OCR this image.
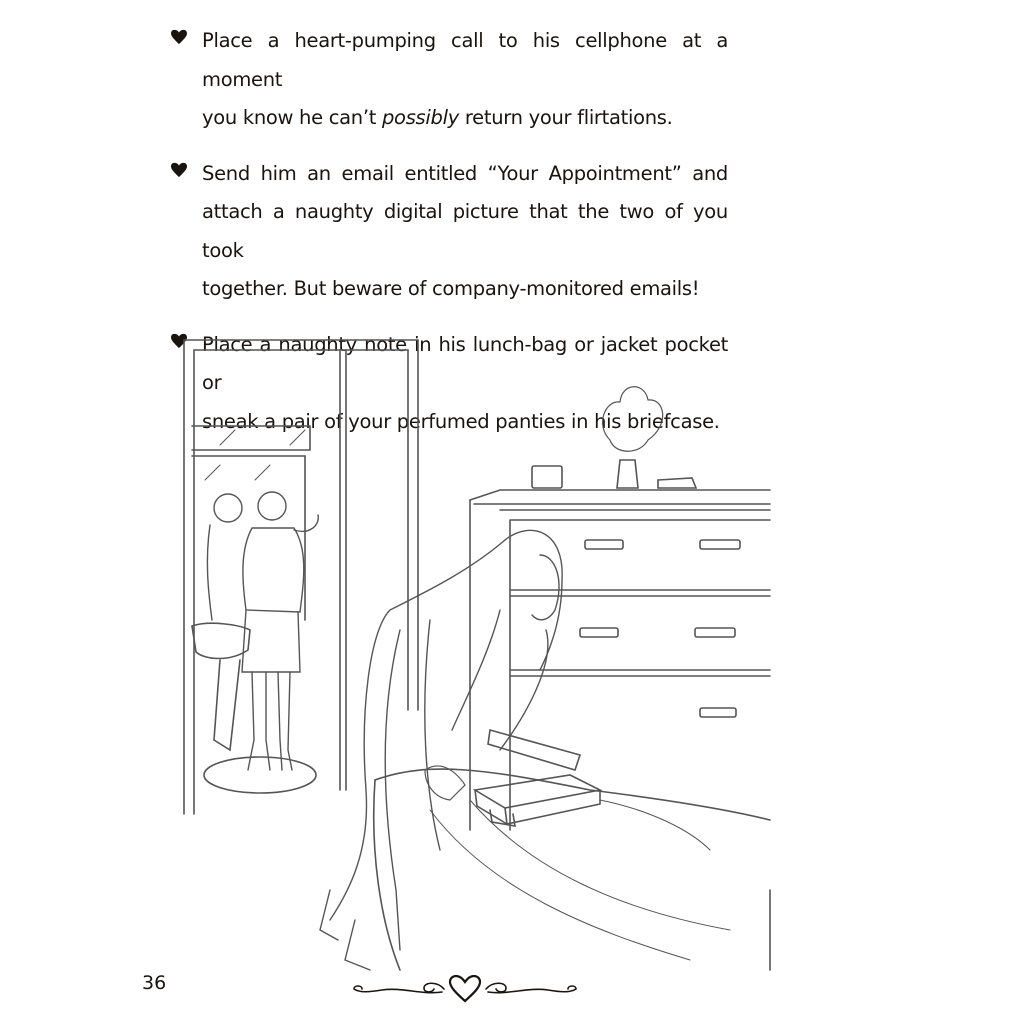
Place a heart-pumping call to his cellphone at a moment
you know he can’t possibly return your flirtations.
Send him an email entitled “Your Appointment” and
attach a naughty digital picture that the two of you took
together. But beware of company-monitored emails!
Place a naughty note in his lunch-bag or jacket pocket or
sneak a pair of your perfumed panties in his briefcase.
36
